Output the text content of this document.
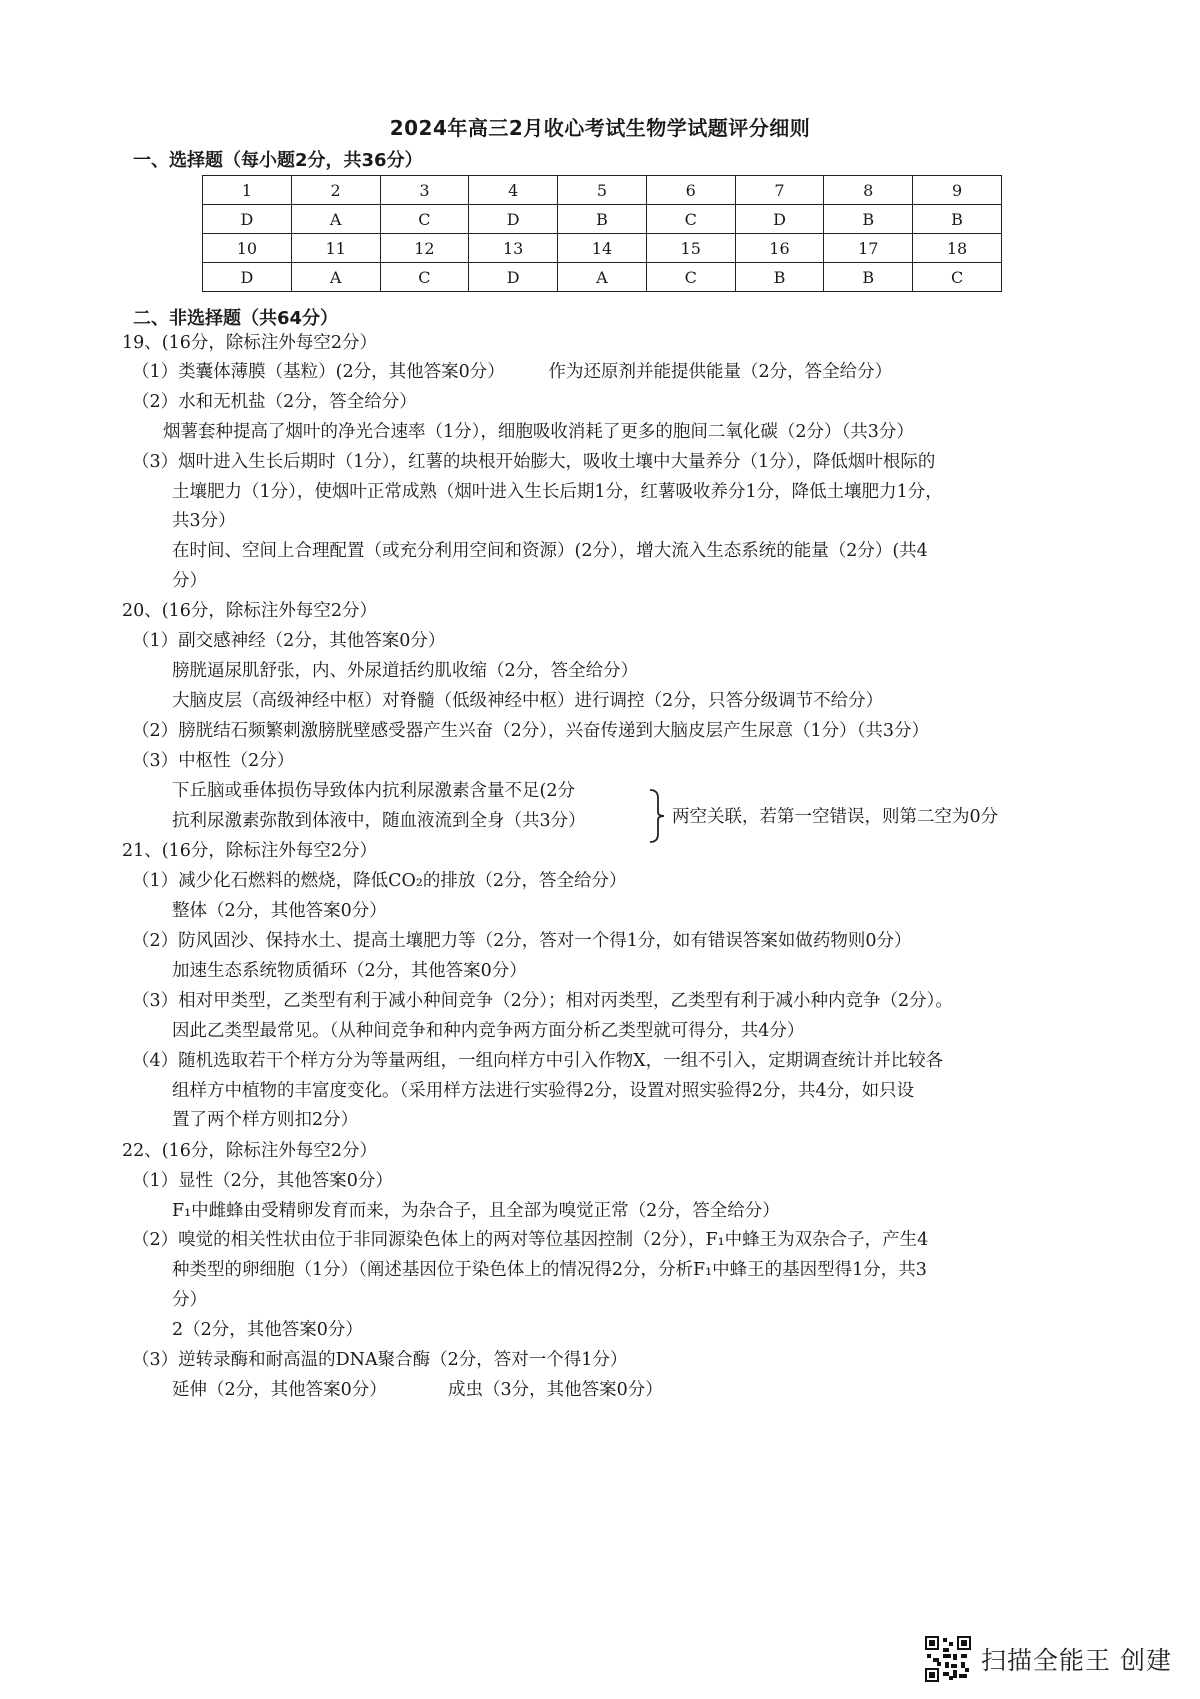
2024年高三2月收心考试生物学试题评分细则
一、选择题（每小题2分，共36分）
1	2	3	4	5	6	7	8	9
D	A	C	D	B	C	D	B	B
10	11	12	13	14	15	16	17	18
D	A	C	D	A	C	B	B	C
二、非选择题（共64分）
19、(16分，除标注外每空2分）
（1）类囊体薄膜（基粒）(2分，其他答案0分）　　　作为还原剂并能提供能量（2分，答全给分）
（2）水和无机盐（2分，答全给分）
烟薯套种提高了烟叶的净光合速率（1分），细胞吸收消耗了更多的胞间二氧化碳（2分）（共3分）
（3）烟叶进入生长后期时（1分），红薯的块根开始膨大，吸收土壤中大量养分（1分），降低烟叶根际的
土壤肥力（1分），使烟叶正常成熟（烟叶进入生长后期1分，红薯吸收养分1分，降低土壤肥力1分，
共3分）
在时间、空间上合理配置（或充分利用空间和资源）(2分），增大流入生态系统的能量（2分）(共4
分）
20、(16分，除标注外每空2分）
（1）副交感神经（2分，其他答案0分）
膀胱逼尿肌舒张，内、外尿道括约肌收缩（2分，答全给分）
大脑皮层（高级神经中枢）对脊髓（低级神经中枢）进行调控（2分，只答分级调节不给分）
（2）膀胱结石频繁刺激膀胱壁感受器产生兴奋（2分），兴奋传递到大脑皮层产生尿意（1分）（共3分）
（3）中枢性（2分）
下丘脑或垂体损伤导致体内抗利尿激素含量不足(2分
抗利尿激素弥散到体液中，随血液流到全身（共3分）
21、(16分，除标注外每空2分）
（1）减少化石燃料的燃烧，降低CO₂的排放（2分，答全给分）
整体（2分，其他答案0分）
（2）防风固沙、保持水土、提高土壤肥力等（2分，答对一个得1分，如有错误答案如做药物则0分）
加速生态系统物质循环（2分，其他答案0分）
（3）相对甲类型，乙类型有利于减小种间竞争（2分）；相对丙类型，乙类型有利于减小种内竞争（2分）。
因此乙类型最常见。（从种间竞争和种内竞争两方面分析乙类型就可得分，共4分）
（4）随机选取若干个样方分为等量两组，一组向样方中引入作物X，一组不引入，定期调查统计并比较各
组样方中植物的丰富度变化。（采用样方法进行实验得2分，设置对照实验得2分，共4分，如只设
置了两个样方则扣2分）
22、(16分，除标注外每空2分）
（1）显性（2分，其他答案0分）
F₁中雌蜂由受精卵发育而来，为杂合子，且全部为嗅觉正常（2分，答全给分）
（2）嗅觉的相关性状由位于非同源染色体上的两对等位基因控制（2分），F₁中蜂王为双杂合子，产生4
种类型的卵细胞（1分）（阐述基因位于染色体上的情况得2分，分析F₁中蜂王的基因型得1分，共3
分）
2（2分，其他答案0分）
（3）逆转录酶和耐高温的DNA聚合酶（2分，答对一个得1分）
延伸（2分，其他答案0分）　　　　成虫（3分，其他答案0分）
两空关联，若第一空错误，则第二空为0分
扫描全能王 创建
